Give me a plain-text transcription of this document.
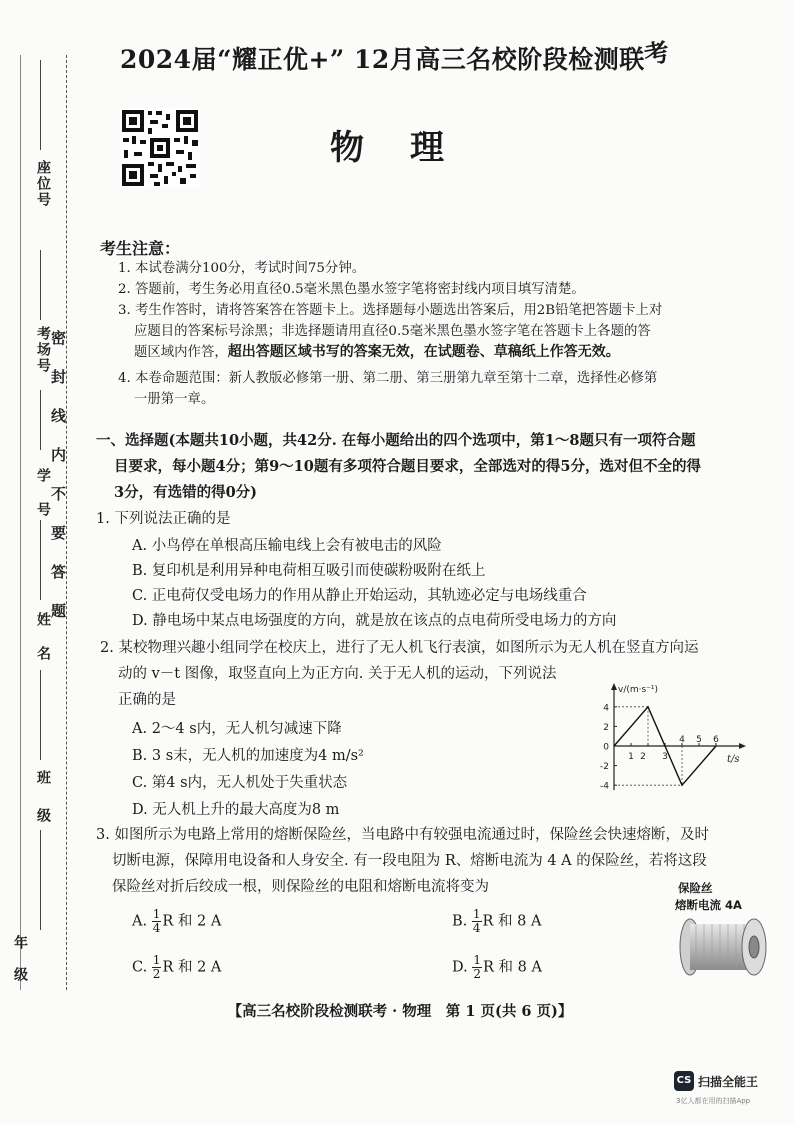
座位号
考场号
学号
姓名
班级
年级
密封线内不要答题
2024届“耀正优+” 12月高三名校阶段检测联考
物理
考生注意：
1. 本试卷满分100分，考试时间75分钟。
2. 答题前，考生务必用直径0.5毫米黑色墨水签字笔将密封线内项目填写清楚。
3. 考生作答时，请将答案答在答题卡上。选择题每小题选出答案后，用2B铅笔把答题卡上对
应题目的答案标号涂黑；非选择题请用直径0.5毫米黑色墨水签字笔在答题卡上各题的答
题区域内作答，超出答题区域书写的答案无效，在试题卷、草稿纸上作答无效。
4. 本卷命题范围：新人教版必修第一册、第二册、第三册第九章至第十二章，选择性必修第
一册第一章。
一、选择题(本题共10小题，共42分. 在每小题给出的四个选项中，第1～8题只有一项符合题
目要求，每小题4分；第9～10题有多项符合题目要求，全部选对的得5分，选对但不全的得
3分，有选错的得0分)
1. 下列说法正确的是
A. 小鸟停在单根高压输电线上会有被电击的风险
B. 复印机是利用异种电荷相互吸引而使碳粉吸附在纸上
C. 正电荷仅受电场力的作用从静止开始运动，其轨迹必定与电场线重合
D. 静电场中某点电场强度的方向，就是放在该点的点电荷所受电场力的方向
2. 某校物理兴趣小组同学在校庆上，进行了无人机飞行表演，如图所示为无人机在竖直方向运
动的 v－t 图像，取竖直向上为正方向. 关于无人机的运动，下列说法
正确的是
A. 2～4 s内，无人机匀减速下降
B. 3 s末，无人机的加速度为4 m/s²
C. 第4 s内，无人机处于失重状态
D. 无人机上升的最大高度为8 m
v/(m·s⁻¹)
t/s
4
2
0
-2
-4
1 2 3
4 5 6
3. 如图所示为电路上常用的熔断保险丝，当电路中有较强电流通过时，保险丝会快速熔断，及时
切断电源，保障用电设备和人身安全. 有一段电阻为 R、熔断电流为 4 A 的保险丝，若将这段
保险丝对折后绞成一根，则保险丝的电阻和熔断电流将变为
A. $\frac{1}{4}$ R 和 2 A	B. $\frac{1}{4}$ R 和 8 A
C. $\frac{1}{2}$ R 和 2 A	D. $\frac{1}{2}$ R 和 8 A
保险丝
熔断电流 4A
【高三名校阶段检测联考 · 物理　第 1 页(共 6 页)】
CS 扫描全能王
3亿人都在用的扫描App
